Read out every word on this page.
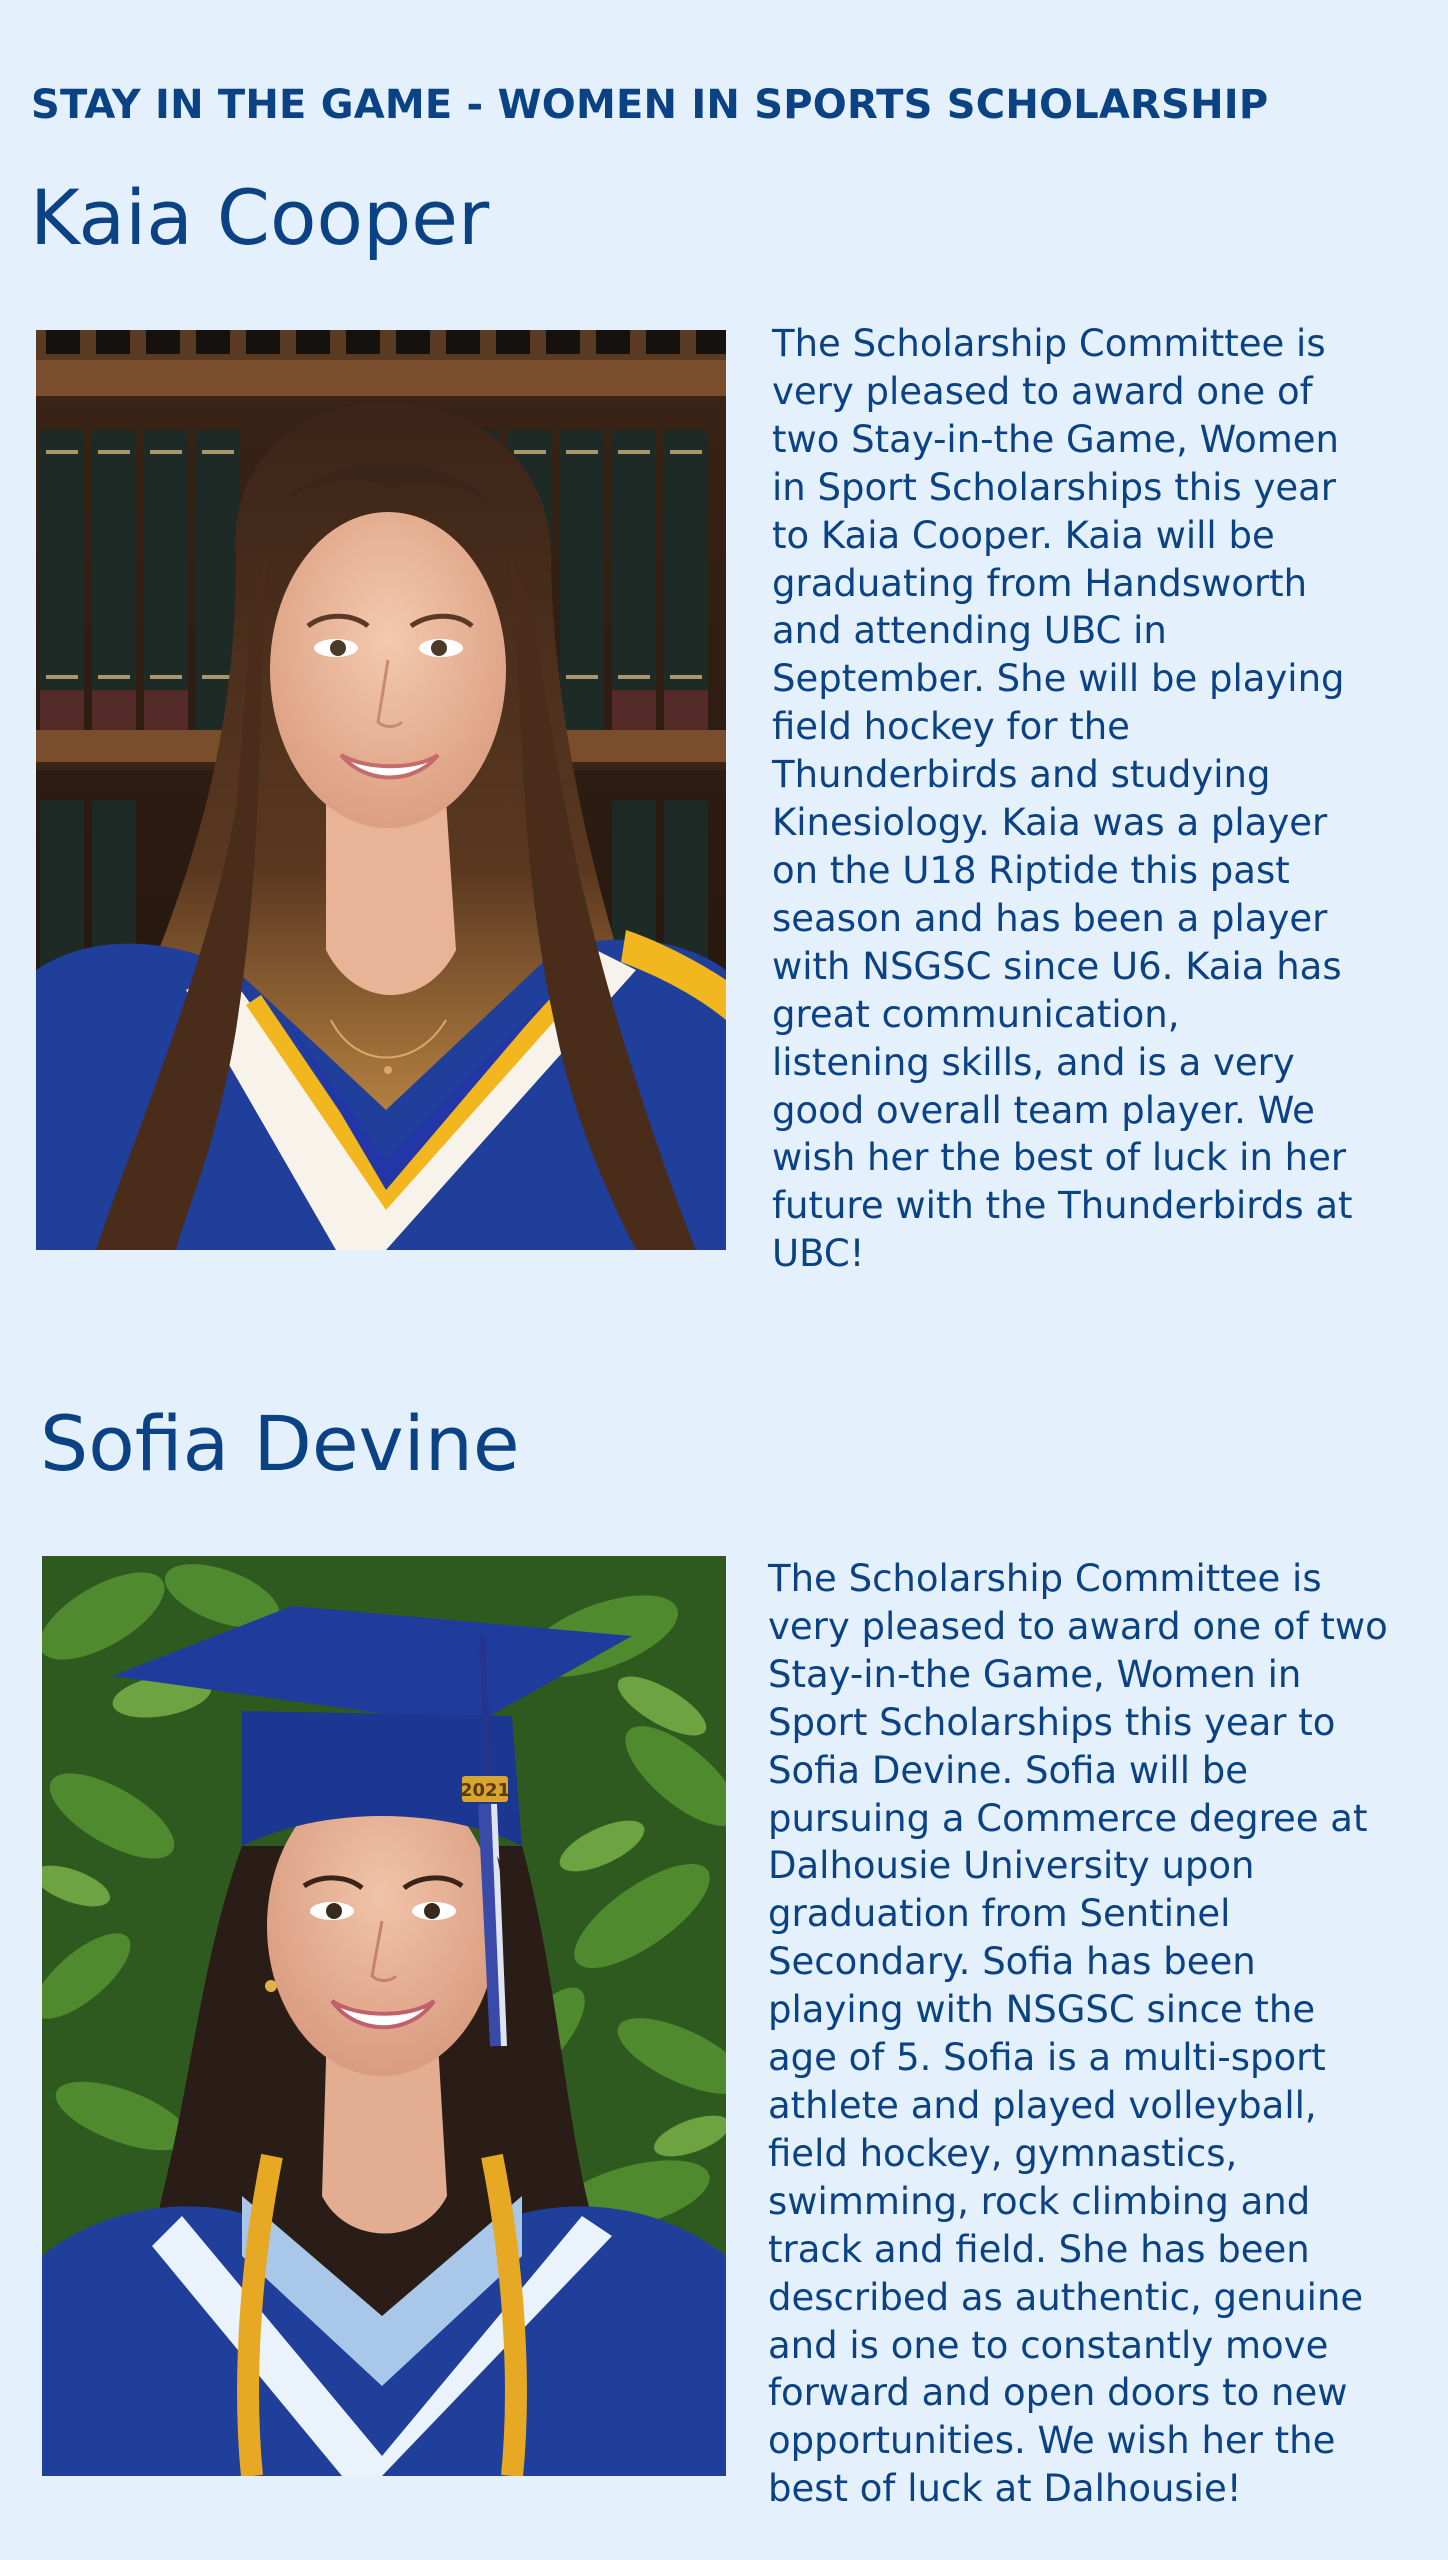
STAY IN THE GAME - WOMEN IN SPORTS SCHOLARSHIP
Kaia Cooper
The Scholarship Committee is
very pleased to award one of
two Stay-in-the Game, Women
in Sport Scholarships this year
to Kaia Cooper. Kaia will be
graduating from Handsworth
and attending UBC in
September. She will be playing
field hockey for the
Thunderbirds and studying
Kinesiology. Kaia was a player
on the U18 Riptide this past
season and has been a player
with NSGSC since U6. Kaia has
great communication,
listening skills, and is a very
good overall team player. We
wish her the best of luck in her
future with the Thunderbirds at
UBC!
Sofia Devine
2021
The Scholarship Committee is
very pleased to award one of two
Stay-in-the Game, Women in
Sport Scholarships this year to
Sofia Devine. Sofia will be
pursuing a Commerce degree at
Dalhousie University upon
graduation from Sentinel
Secondary. Sofia has been
playing with NSGSC since the
age of 5. Sofia is a multi-sport
athlete and played volleyball,
field hockey, gymnastics,
swimming, rock climbing and
track and field. She has been
described as authentic, genuine
and is one to constantly move
forward and open doors to new
opportunities. We wish her the
best of luck at Dalhousie!
